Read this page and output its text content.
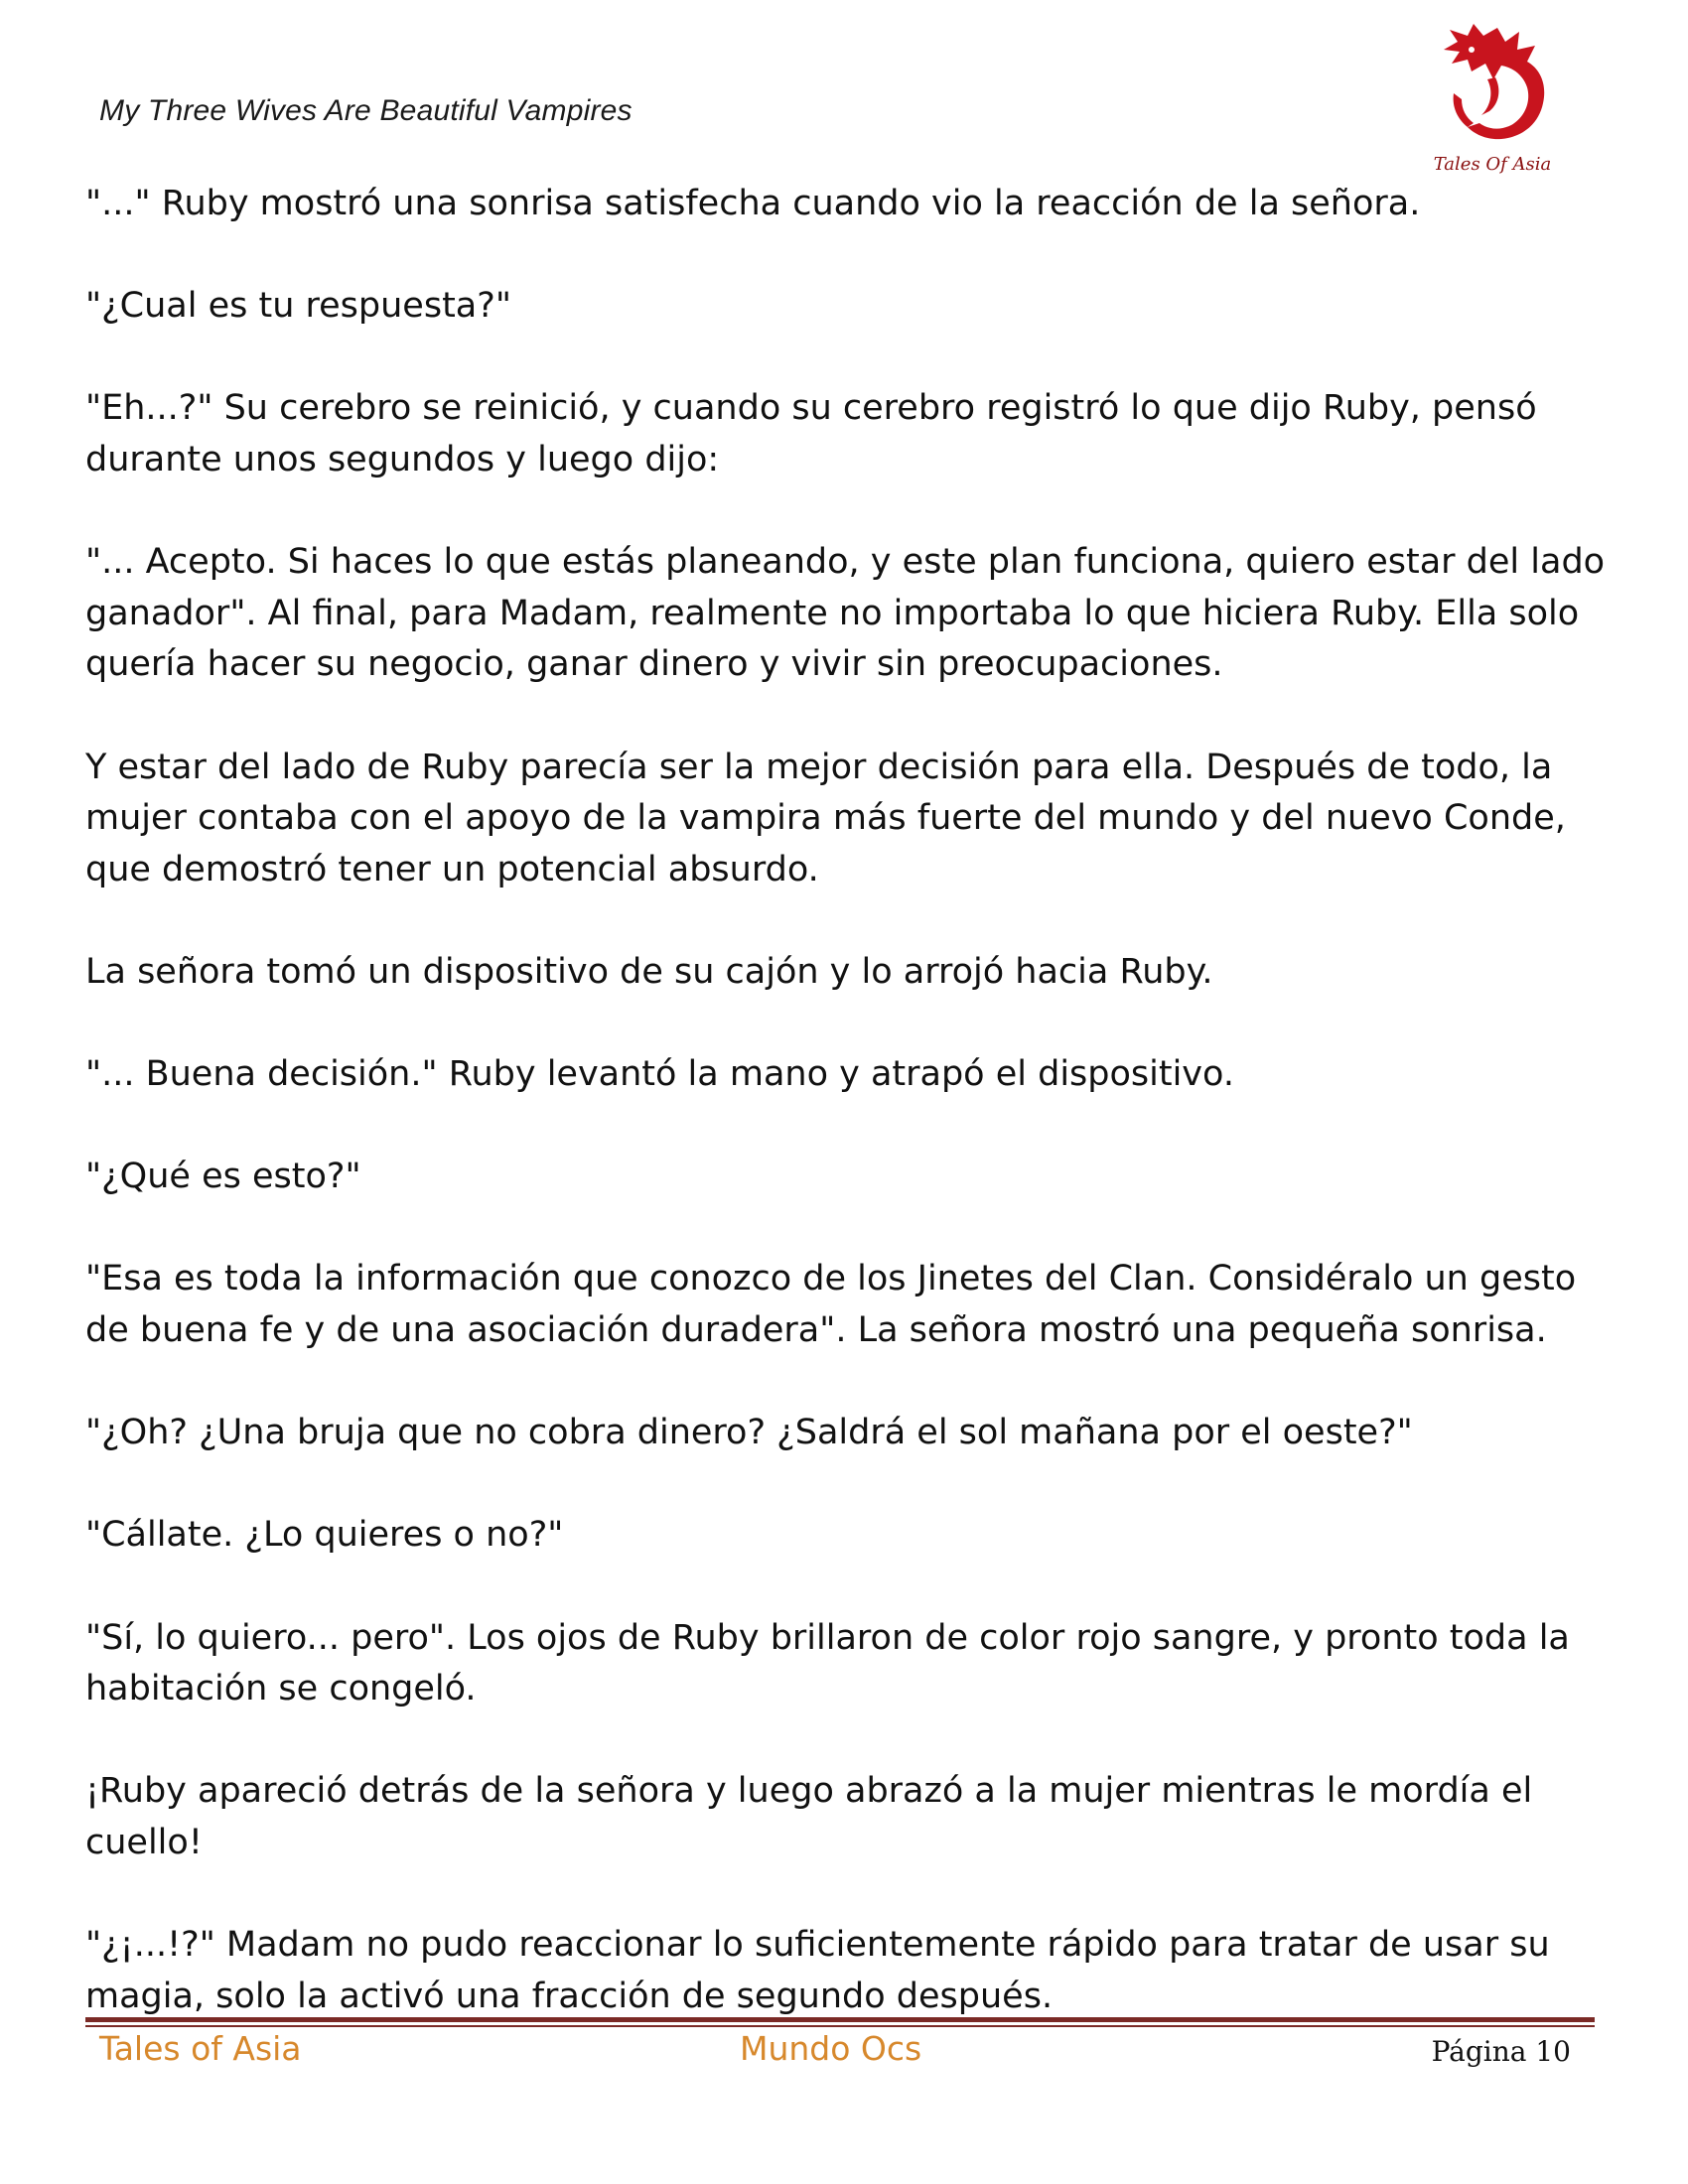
My Three Wives Are Beautiful Vampires
Tales Of Asia

"..." Ruby mostró una sonrisa satisfecha cuando vio la reacción de la señora.

"¿Cual es tu respuesta?"

"Eh...?" Su cerebro se reinició, y cuando su cerebro registró lo que dijo Ruby, pensó durante unos segundos y luego dijo:

"... Acepto. Si haces lo que estás planeando, y este plan funciona, quiero estar del lado ganador". Al final, para Madam, realmente no importaba lo que hiciera Ruby. Ella solo quería hacer su negocio, ganar dinero y vivir sin preocupaciones.

Y estar del lado de Ruby parecía ser la mejor decisión para ella. Después de todo, la mujer contaba con el apoyo de la vampira más fuerte del mundo y del nuevo Conde, que demostró tener un potencial absurdo.

La señora tomó un dispositivo de su cajón y lo arrojó hacia Ruby.

"... Buena decisión." Ruby levantó la mano y atrapó el dispositivo.

"¿Qué es esto?"

"Esa es toda la información que conozco de los Jinetes del Clan. Considéralo un gesto de buena fe y de una asociación duradera". La señora mostró una pequeña sonrisa.

"¿Oh? ¿Una bruja que no cobra dinero? ¿Saldrá el sol mañana por el oeste?"

"Cállate. ¿Lo quieres o no?"

"Sí, lo quiero... pero". Los ojos de Ruby brillaron de color rojo sangre, y pronto toda la habitación se congeló.

¡Ruby apareció detrás de la señora y luego abrazó a la mujer mientras le mordía el cuello!

"¿¡...!?" Madam no pudo reaccionar lo suficientemente rápido para tratar de usar su magia, solo la activó una fracción de segundo después.

Tales of Asia	Mundo Ocs	Página 10
